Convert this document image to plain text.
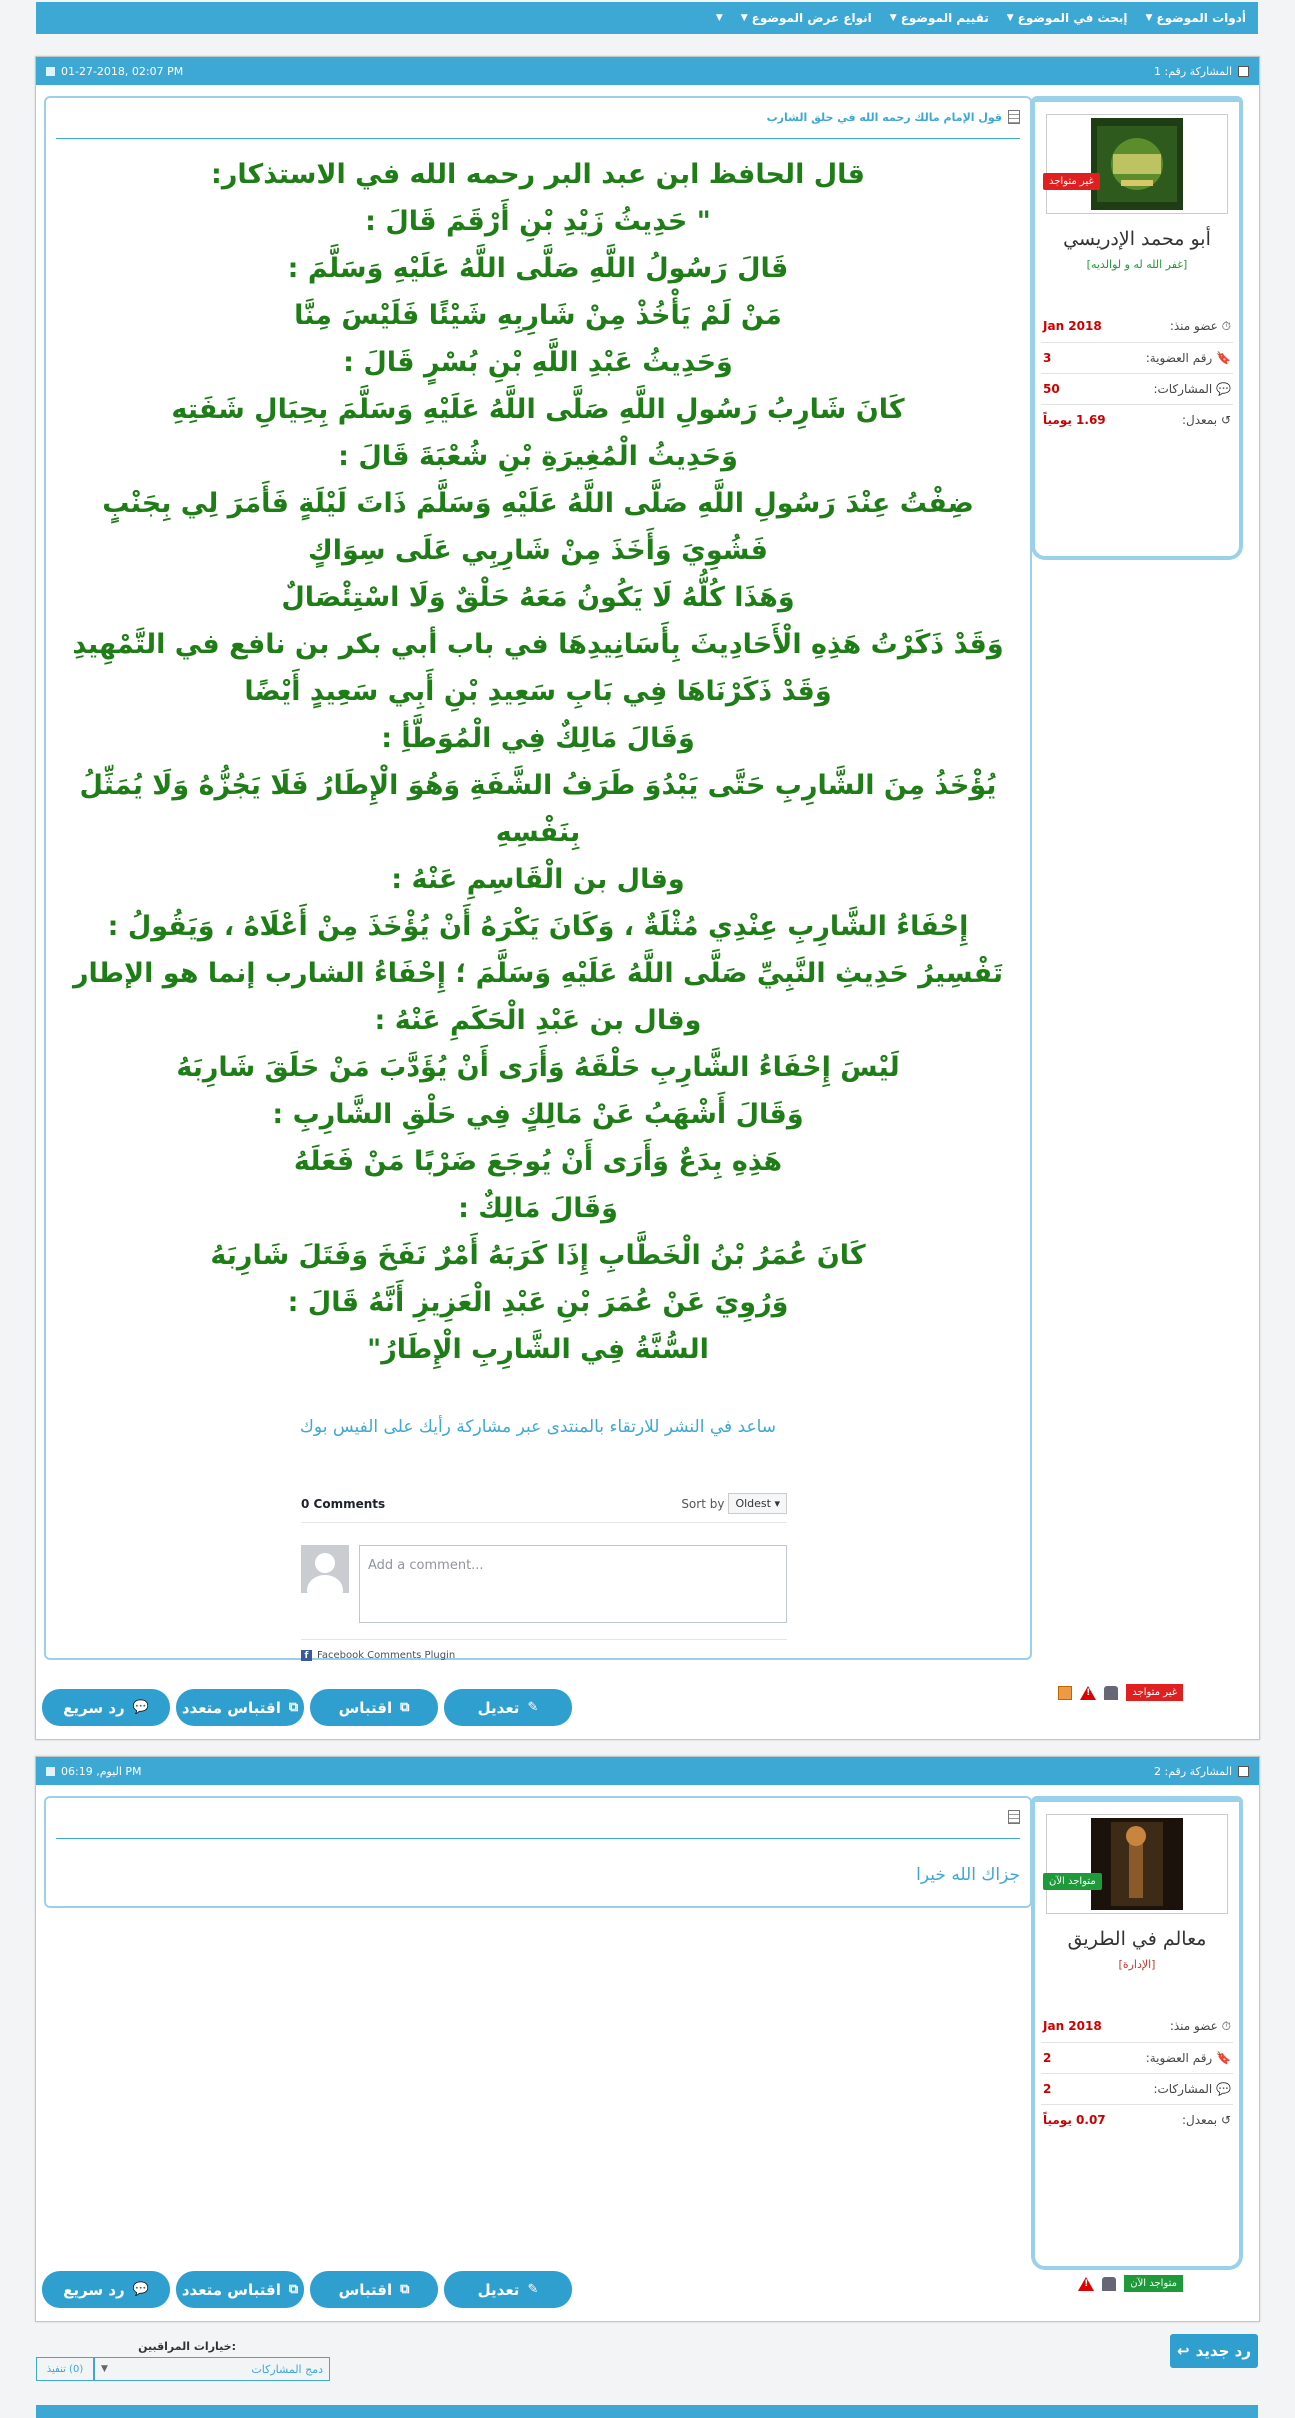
أدوات الموضوع
▼
إبحث في الموضوع
▼
تقييم الموضوع
▼
انواع عرض الموضوع
▼
▼
01-27-2018, 02:07 PM	المشاركة رقم: 1
غير متواجد
أبو محمد الإدريسي
[غفر الله له و لوالديه]
⏱ عضو منذ:
Jan 2018
🔖 رقم العضوية:
3
💬 المشاركات:
50
↺ بمعدل:
1.69 يومياً
قول الإمام مالك رحمه الله في حلق الشارب
قال الحافظ ابن عبد البر رحمه الله في الاستذكار:
" حَدِيثُ زَيْدِ بْنِ أَرْقَمَ قَالَ :
قَالَ رَسُولُ اللَّهِ صَلَّى اللَّهُ عَلَيْهِ وَسَلَّمَ :
مَنْ لَمْ يَأْخُذْ مِنْ شَارِبِهِ شَيْئًا فَلَيْسَ مِنَّا
وَحَدِيثُ عَبْدِ اللَّهِ بْنِ بُسْرٍ قَالَ :
كَانَ شَارِبُ رَسُولِ اللَّهِ صَلَّى اللَّهُ عَلَيْهِ وَسَلَّمَ بِحِيَالِ شَفَتِهِ
وَحَدِيثُ الْمُغِيرَةِ بْنِ شُعْبَةَ قَالَ :
ضِفْتُ عِنْدَ رَسُولِ اللَّهِ صَلَّى اللَّهُ عَلَيْهِ وَسَلَّمَ ذَاتَ لَيْلَةٍ فَأَمَرَ لِي بِجَنْبٍ فَشُوِيَ وَأَخَذَ مِنْ شَارِبِي عَلَى سِوَاكٍ
وَهَذَا كُلُّهُ لَا يَكُونُ مَعَهُ حَلْقٌ وَلَا اسْتِئْصَالٌ
وَقَدْ ذَكَرْتُ هَذِهِ الْأَحَادِيثَ بِأَسَانِيدِهَا في باب أبي بكر بن نافع في التَّمْهِيدِ وَقَدْ ذَكَرْنَاهَا فِي بَابِ سَعِيدِ بْنِ أَبِي سَعِيدٍ أَيْضًا
وَقَالَ مَالِكٌ فِي الْمُوَطَّأِ :
يُؤْخَذُ مِنَ الشَّارِبِ حَتَّى يَبْدُوَ طَرَفُ الشَّفَةِ وَهُوَ الْإِطَارُ فَلَا يَجُزُّهُ وَلَا يُمَثِّلُ بِنَفْسِهِ
وقال بن الْقَاسِمِ عَنْهُ :
إِحْفَاءُ الشَّارِبِ عِنْدِي مُثْلَةٌ ، وَكَانَ يَكْرَهُ أَنْ يُؤْخَذَ مِنْ أَعْلَاهُ ، وَيَقُولُ :
تَفْسِيرُ حَدِيثِ النَّبِيِّ صَلَّى اللَّهُ عَلَيْهِ وَسَلَّمَ ؛ إِحْفَاءُ الشارب إنما هو الإطار
وقال بن عَبْدِ الْحَكَمِ عَنْهُ :
لَيْسَ إِحْفَاءُ الشَّارِبِ حَلْقَهُ وَأَرَى أَنْ يُؤَدَّبَ مَنْ حَلَقَ شَارِبَهُ
وَقَالَ أَشْهَبُ عَنْ مَالِكٍ فِي حَلْقِ الشَّارِبِ :
هَذِهِ بِدَعٌ وَأَرَى أَنْ يُوجَعَ ضَرْبًا مَنْ فَعَلَهُ
وَقَالَ مَالِكٌ :
كَانَ عُمَرُ بْنُ الْخَطَّابِ إِذَا كَرَبَهُ أَمْرٌ نَفَخَ وَفَتَلَ شَارِبَهُ
وَرُوِيَ عَنْ عُمَرَ بْنِ عَبْدِ الْعَزِيزِ أَنَّهُ قَالَ :
السُّنَّةُ فِي الشَّارِبِ الْإِطَارُ"
ساعد في النشر للارتقاء بالمنتدى عبر مشاركة رأيك على الفيس بوك
0 Comments	Sort by	Oldest ▾
Add a comment...
f Facebook Comments Plugin
غير متواجد
!
💬
رد سريع	⧉
اقتباس متعدد	⧉
اقتباس	✎
تعديل
اليوم, 06:19 PM	المشاركة رقم: 2
متواجد الآن
معالم في الطريق
[الإدارة]
⏱ عضو منذ:
Jan 2018
🔖 رقم العضوية:
2
💬 المشاركات:
2
↺ بمعدل:
0.07 يومياً
جزاك الله خيرا
متواجد الآن
!
💬
رد سريع	⧉
اقتباس متعدد	⧉
اقتباس	✎
تعديل
رد جديد
↩
خيارات المراقبين:
(0) تنفيذ	دمج المشاركات
▼
